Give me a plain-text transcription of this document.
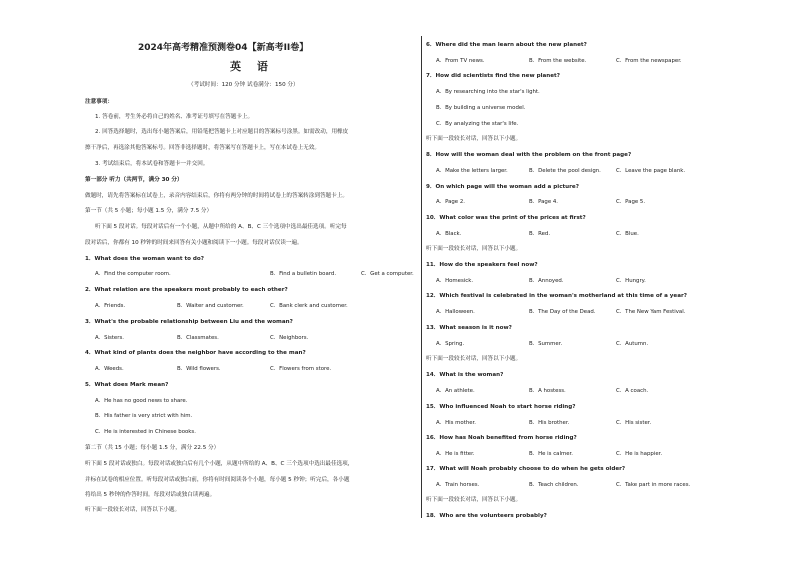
2024年高考精准预测卷04【新高考II卷】
英 语
（考试时间：120 分钟 试卷满分：150 分）
注意事项：
1. 答卷前，考生务必将自己的姓名、准考证号填写在答题卡上。
2. 回答选择题时，选出每小题答案后，用铅笔把答题卡上对应题目的答案标号涂黑。如需改动，用橡皮
擦干净后，再选涂其他答案标号。回答非选择题时，将答案写在答题卡上，写在本试卷上无效。
3. 考试结束后，将本试卷和答题卡一并交回。
第一部分 听力（共两节，满分 30 分）
做题时，请先将答案标在试卷上，录音内容结束后，你将有两分钟的时间将试卷上的答案转涂到答题卡上。
第一节（共 5 小题；每小题 1.5 分，满分 7.5 分）
听下面 5 段对话。每段对话后有一个小题，从题中所给的 A、B、C 三个选项中选出最佳选项。听完每
段对话后，你都有 10 秒钟的时间来回答有关小题和阅读下一小题。每段对话仅读一遍。
1．What does the woman want to do?
A．Find the computer room.	B．Find a bulletin board.	C．Get a computer.
2．What relation are the speakers most probably to each other?
A．Friends.	B．Waiter and customer.	C．Bank clerk and customer.
3．What's the probable relationship between Liu and the woman?
A．Sisters.	B．Classmates.	C．Neighbors.
4．What kind of plants does the neighbor have according to the man?
A．Weeds.	B．Wild flowers.	C．Flowers from store.
5．What does Mark mean?
A．He has no good news to share.
B．His father is very strict with him.
C．He is interested in Chinese books.
第二节（共 15 小题；每小题 1.5 分，满分 22.5 分）
听下面 5 段对话或独白。每段对话或独白后有几个小题，从题中所给的 A、B、C 三个选项中选出最佳选项，
并标在试卷的相应位置。听每段对话或独白前，你将有时间阅读各个小题，每小题 5 秒钟；听完后，各小题
将给出 5 秒钟的作答时间。每段对话或独白读两遍。
听下面一段较长对话，回答以下小题。
6．Where did the man learn about the new planet?
A．From TV news.	B．From the website.	C．From the newspaper.
7．How did scientists find the new planet?
A．By researching into the star's light.
B．By building a universe model.
C．By analyzing the star's life.
听下面一段较长对话，回答以下小题。
8．How will the woman deal with the problem on the front page?
A．Make the letters larger.	B．Delete the pool design.	C．Leave the page blank.
9．On which page will the woman add a picture?
A．Page 2.	B．Page 4.	C．Page 5.
10．What color was the print of the prices at first?
A．Black.	B．Red.	C．Blue.
听下面一段较长对话，回答以下小题。
11．How do the speakers feel now?
A．Homesick.	B．Annoyed.	C．Hungry.
12．Which festival is celebrated in the woman's motherland at this time of a year?
A．Halloween.	B．The Day of the Dead.	C．The New Yam Festival.
13．What season is it now?
A．Spring.	B．Summer.	C．Autumn.
听下面一段较长对话，回答以下小题。
14．What is the woman?
A．An athlete.	B．A hostess.	C．A coach.
15．Who influenced Noah to start horse riding?
A．His mother.	B．His brother.	C．His sister.
16．How has Noah benefited from horse riding?
A．He is fitter.	B．He is calmer.	C．He is happier.
17．What will Noah probably choose to do when he gets older?
A．Train horses.	B．Teach children.	C．Take part in more races.
听下面一段较长对话，回答以下小题。
18．Who are the volunteers probably?
